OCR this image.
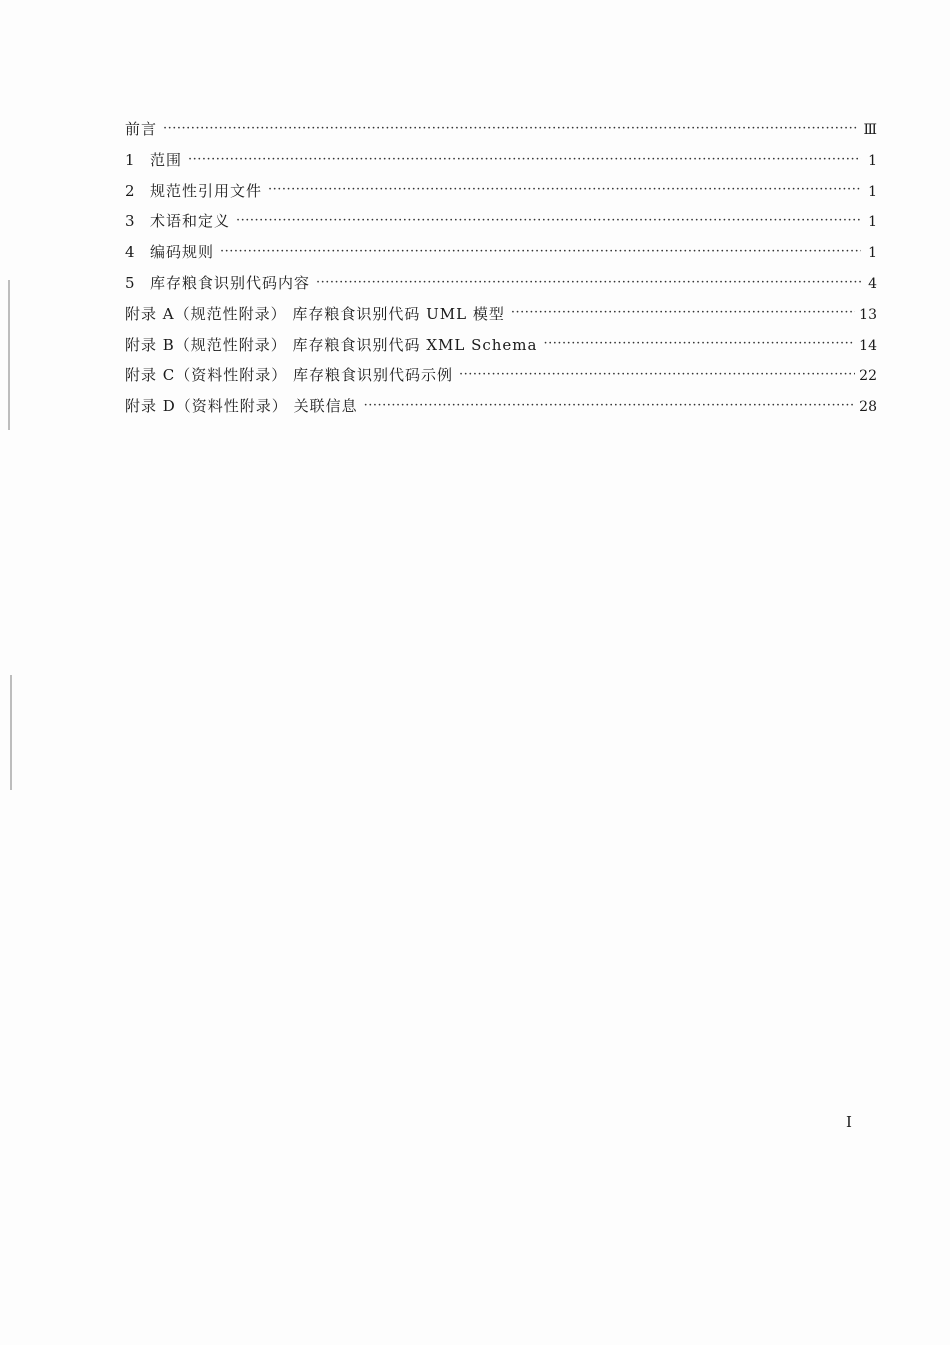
前言 ·····	Ⅲ
1	范围 ·····	1
2	规范性引用文件 ·····	1
3	术语和定义 ·····	1
4	编码规则 ·····	1
5	库存粮食识别代码内容 ·····	4
附录 A（规范性附录） 库存粮食识别代码 UML 模型 ·····	13
附录 B（规范性附录） 库存粮食识别代码 XML Schema ·····	14
附录 C（资料性附录） 库存粮食识别代码示例 ·····	22
附录 D（资料性附录） 关联信息 ·····	28
I
